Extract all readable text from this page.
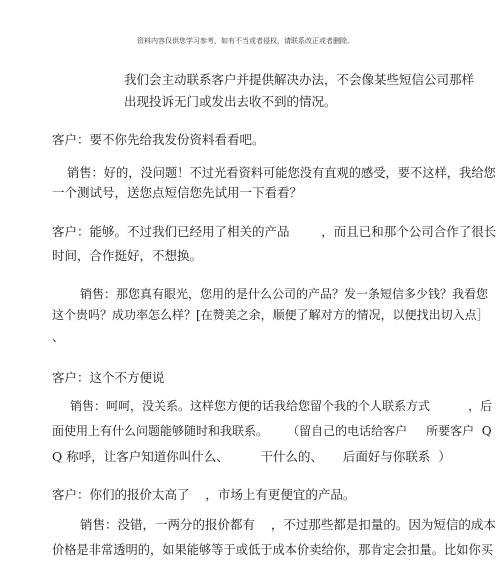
资料内容仅供您学习参考，如有不当或者侵权，请联系改正或者删除。
我们会主动联系客户并提供解决办法，不会像某些短信公司那样
出现投诉无门或发出去收不到的情况。
客户：要不你先给我发份资料看看吧。
销售：好的，没问题！不过光看资料可能您没有直观的感受，要不这样，我给您
一个测试号，送您点短信您先试用一下看看？
客户：能够。不过我们已经用了相关的产品        ，而且已和那个公司合作了很长
时间，合作挺好，不想换。
销售：那您真有眼光，您用的是什么公司的产品？发一条短信多少钱？我看您
这个贵吗？成功率怎么样？[在赞美之余，顺便了解对方的情况，以便找出切入点］
、
客户：这个不方便说
销售：呵呵，没关系。这样您方便的话我给您留个我的个人联系方式          ，后
面使用上有什么问题能够随时和我联系。     （留自己的电话给客户     所要客户  Q
Q 称呼，让客户知道你叫什么、        干什么的、     后面好与你联系  ）
客户：你们的报价太高了    ，市场上有更便宜的产品。
销售：没错，一两分的报价都有    ，不过那些都是扣量的。因为短信的成本
价格是非常透明的，如果能够等于或低于成本价卖给你，那肯定会扣量。比如你买
